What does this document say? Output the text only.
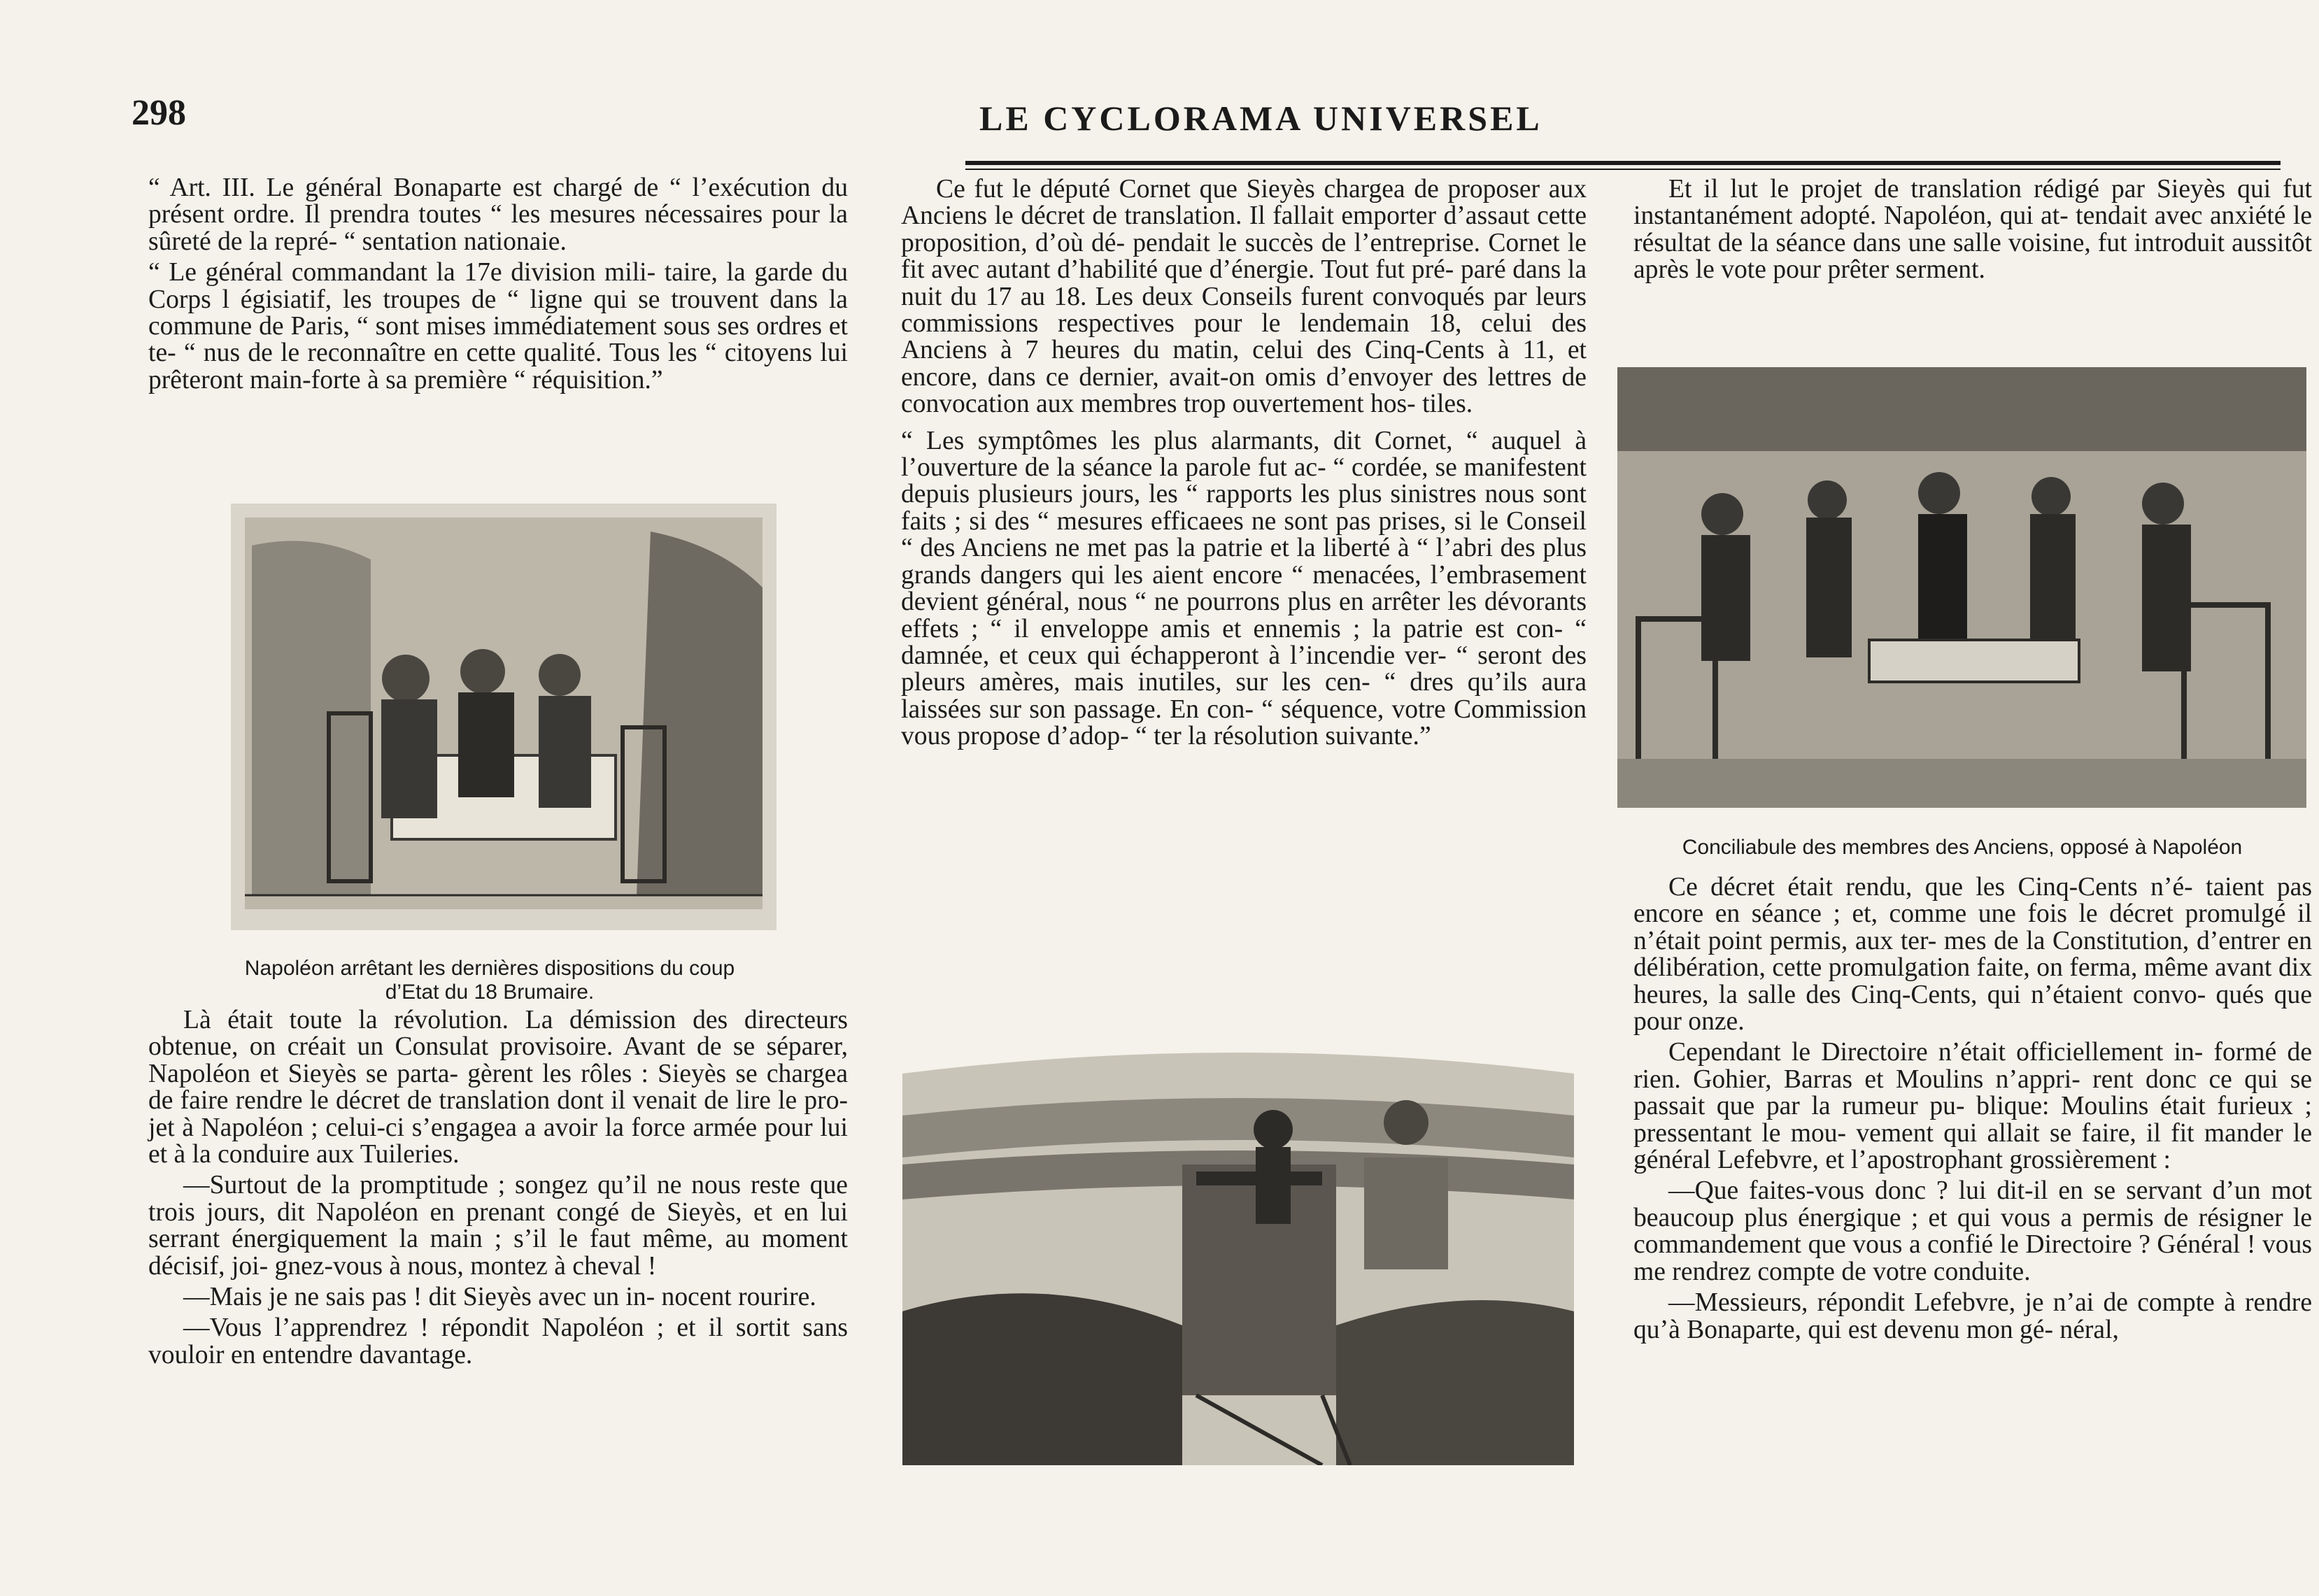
298	LE CYCLORAMA UNIVERSEL

“ Art. III. Le général Bonaparte est chargé de “ l’exécution du présent ordre. Il prendra toutes “ les mesures nécessaires pour la sûreté de la repré- “ sentation nationaie.

“ Le général commandant la 17e division mili- taire, la garde du Corps l égisiatif, les troupes de “ ligne qui se trouvent dans la commune de Paris, “ sont mises immédiatement sous ses ordres et te- “ nus de le reconnaître en cette qualité. Tous les “ citoyens lui prêteront main-forte à sa première “ réquisition.”

Napoléon arrêtant les dernières dispositions du coup
d’Etat du 18 Brumaire.

Là était toute la révolution. La démission des directeurs obtenue, on créait un Consulat provisoire. Avant de se séparer, Napoléon et Sieyès se parta- gèrent les rôles : Sieyès se chargea de faire rendre le décret de translation dont il venait de lire le pro- jet à Napoléon ; celui-ci s’engagea a avoir la force armée pour lui et à la conduire aux Tuileries.

—Surtout de la promptitude ; songez qu’il ne nous reste que trois jours, dit Napoléon en prenant congé de Sieyès, et en lui serrant énergiquement la main ; s’il le faut même, au moment décisif, joi- gnez-vous à nous, montez à cheval !

—Mais je ne sais pas ! dit Sieyès avec un in- nocent rourire.

—Vous l’apprendrez ! répondit Napoléon ; et il sortit sans vouloir en entendre davantage.

Ce fut le député Cornet que Sieyès chargea de proposer aux Anciens le décret de translation. Il fallait emporter d’assaut cette proposition, d’où dé- pendait le succès de l’entreprise. Cornet le fit avec autant d’habilité que d’énergie. Tout fut pré- paré dans la nuit du 17 au 18. Les deux Conseils furent convoqués par leurs commissions respectives pour le lendemain 18, celui des Anciens à 7 heures du matin, celui des Cinq-Cents à 11, et encore, dans ce dernier, avait-on omis d’envoyer des lettres de convocation aux membres trop ouvertement hos- tiles.

“ Les symptômes les plus alarmants, dit Cornet, “ auquel à l’ouverture de la séance la parole fut ac- “ cordée, se manifestent depuis plusieurs jours, les “ rapports les plus sinistres nous sont faits ; si des “ mesures efficaees ne sont pas prises, si le Conseil “ des Anciens ne met pas la patrie et la liberté à “ l’abri des plus grands dangers qui les aient encore “ menacées, l’embrasement devient général, nous “ ne pourrons plus en arrêter les dévorants effets ; “ il enveloppe amis et ennemis ; la patrie est con- “ damnée, et ceux qui échapperont à l’incendie ver- “ seront des pleurs amères, mais inutiles, sur les cen- “ dres qu’ils aura laissées sur son passage. En con- “ séquence, votre Commission vous propose d’adop- “ ter la résolution suivante.”

Et il lut le projet de translation rédigé par Sieyès qui fut instantanément adopté. Napoléon, qui at- tendait avec anxiété le résultat de la séance dans une salle voisine, fut introduit aussitôt après le vote pour prêter serment.

Conciliabule des membres des Anciens, opposé à Napoléon

Ce décret était rendu, que les Cinq-Cents n’é- taient pas encore en séance ; et, comme une fois le décret promulgé il n’était point permis, aux ter- mes de la Constitution, d’entrer en délibération, cette promulgation faite, on ferma, même avant dix heures, la salle des Cinq-Cents, qui n’étaient convo- qués que pour onze.

Cependant le Directoire n’était officiellement in- formé de rien. Gohier, Barras et Moulins n’appri- rent donc ce qui se passait que par la rumeur pu- blique: Moulins était furieux ; pressentant le mou- vement qui allait se faire, il fit mander le général Lefebvre, et l’apostrophant grossièrement :

—Que faites-vous donc ? lui dit-il en se servant d’un mot beaucoup plus énergique ; et qui vous a permis de résigner le commandement que vous a confié le Directoire ? Général ! vous me rendrez compte de votre conduite.

—Messieurs, répondit Lefebvre, je n’ai de compte à rendre qu’à Bonaparte, qui est devenu mon gé- néral,
